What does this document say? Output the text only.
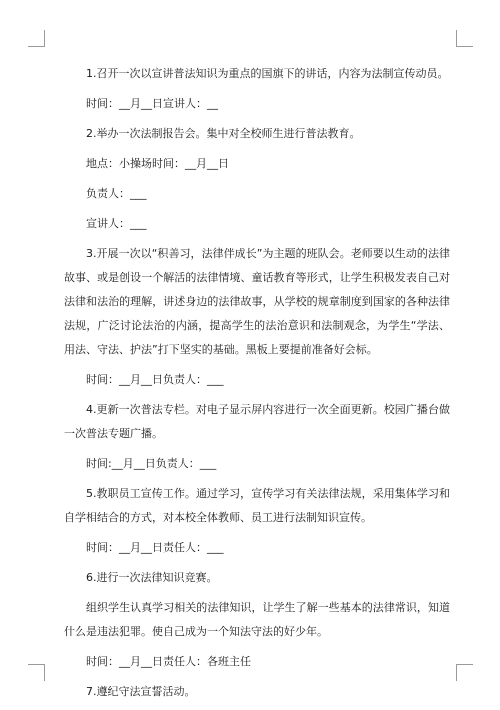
1.召开一次以宣讲普法知识为重点的国旗下的讲话，内容为法制宣传动员。

时间：__月__日宣讲人：__

2.举办一次法制报告会。集中对全校师生进行普法教育。

地点：小操场时间：__月__日

负责人：___

宣讲人：___

3.开展一次以“积善习，法律伴成长”为主题的班队会。老师要以生动的法律故事、或是创设一个解活的法律情境、童话教育等形式，让学生积极发表自己对法律和法治的理解，讲述身边的法律故事，从学校的规章制度到国家的各种法律法规，广泛讨论法治的内涵，提高学生的法治意识和法制观念，为学生“学法、用法、守法、护法”打下坚实的基础。黑板上要提前准备好会标。

时间：__月__日负责人：___

4.更新一次普法专栏。对电子显示屏内容进行一次全面更新。校园广播台做一次普法专题广播。

时间:__月__日负责人：___

5.教职员工宣传工作。通过学习，宣传学习有关法律法规，采用集体学习和自学相结合的方式，对本校全体教师、员工进行法制知识宣传。

时间：__月__日责任人：___

6.进行一次法律知识竞赛。

组织学生认真学习相关的法律知识，让学生了解一些基本的法律常识，知道什么是违法犯罪。使自己成为一个知法守法的好少年。

时间：__月__日责任人：各班主任

7.遵纪守法宣誓活动。
